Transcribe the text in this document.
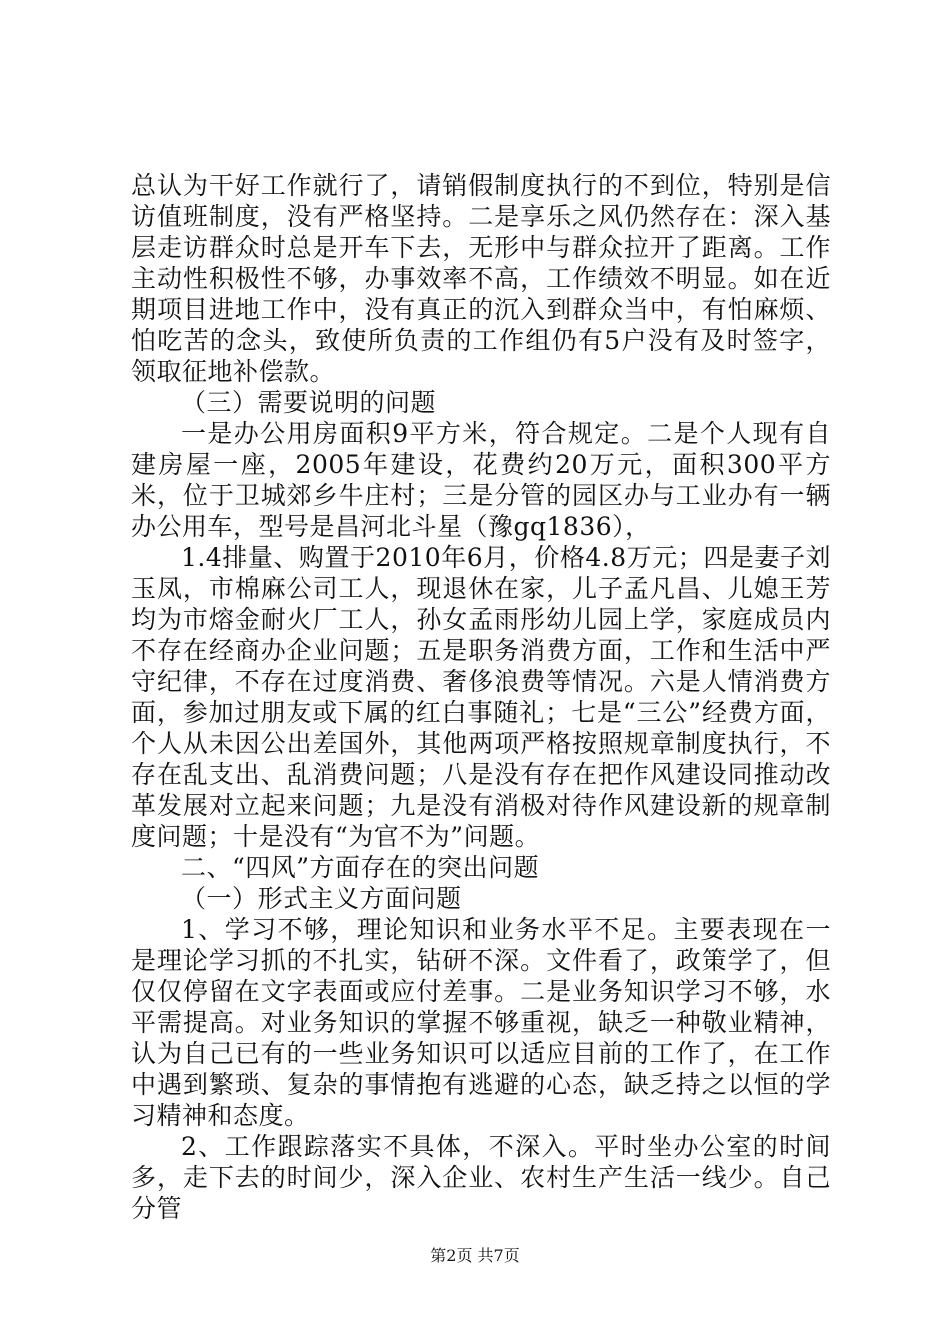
总认为干好工作就行了，请销假制度执行的不到位，特别是信访值班制度，没有严格坚持。二是享乐之风仍然存在：深入基层走访群众时总是开车下去，无形中与群众拉开了距离。工作主动性积极性不够，办事效率不高，工作绩效不明显。如在近期项目进地工作中，没有真正的沉入到群众当中，有怕麻烦、怕吃苦的念头，致使所负责的工作组仍有5户没有及时签字，领取征地补偿款。

（三）需要说明的问题

一是办公用房面积9平方米，符合规定。二是个人现有自建房屋一座，2005年建设，花费约20万元，面积300平方米，位于卫城郊乡牛庄村；三是分管的园区办与工业办有一辆办公用车，型号是昌河北斗星（豫gq1836），

1.4排量、购置于2010年6月，价格4.8万元；四是妻子刘玉凤，市棉麻公司工人，现退休在家，儿子孟凡昌、儿媳王芳均为市熔金耐火厂工人，孙女孟雨彤幼儿园上学，家庭成员内不存在经商办企业问题；五是职务消费方面，工作和生活中严守纪律，不存在过度消费、奢侈浪费等情况。六是人情消费方面，参加过朋友或下属的红白事随礼；七是“三公”经费方面，个人从未因公出差国外，其他两项严格按照规章制度执行，不存在乱支出、乱消费问题；八是没有存在把作风建设同推动改革发展对立起来问题；九是没有消极对待作风建设新的规章制度问题；十是没有“为官不为”问题。

二、“四风”方面存在的突出问题

（一）形式主义方面问题

1、学习不够，理论知识和业务水平不足。主要表现在一是理论学习抓的不扎实，钻研不深。文件看了，政策学了，但仅仅停留在文字表面或应付差事。二是业务知识学习不够，水平需提高。对业务知识的掌握不够重视，缺乏一种敬业精神，认为自己已有的一些业务知识可以适应目前的工作了，在工作中遇到繁琐、复杂的事情抱有逃避的心态，缺乏持之以恒的学习精神和态度。

2、工作跟踪落实不具体，不深入。平时坐办公室的时间多，走下去的时间少，深入企业、农村生产生活一线少。自己分管

第2页 共7页
